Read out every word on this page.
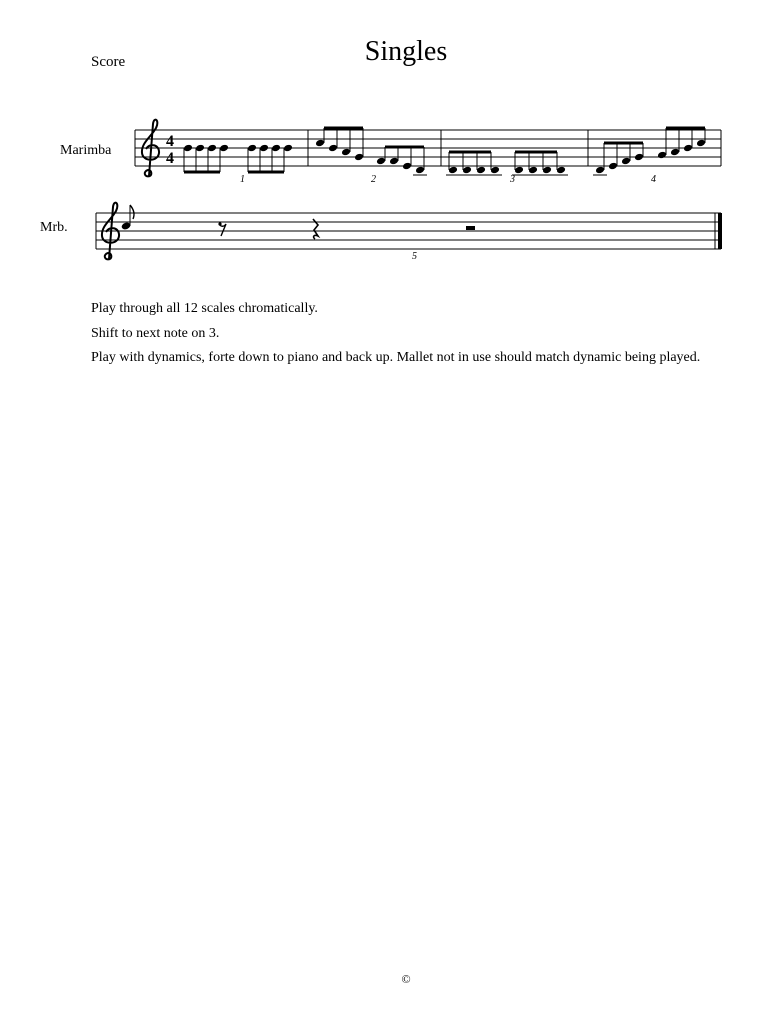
Score	Singles
Marimba
Mrb.
4
4
1	2	3	4
5

Play through all 12 scales chromatically.

Shift to next note on 3.

Play with dynamics, forte down to piano and back up. Mallet not in use should match dynamic being played.

©
